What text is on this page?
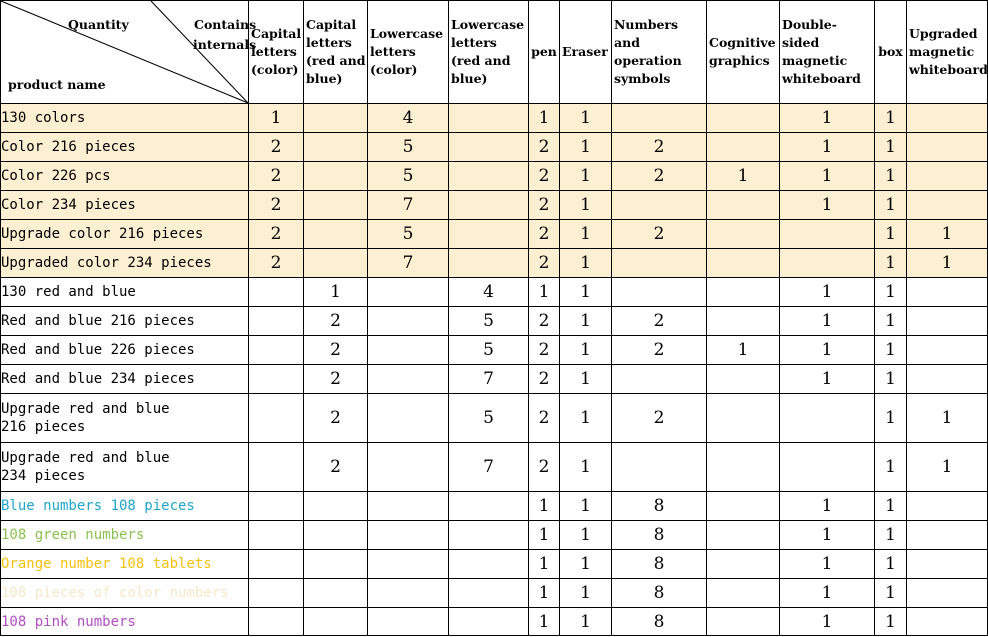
Quantity Contains
internals
product name	Capital letters (color)	Capital letters (red and blue)	Lowercase letters (color)	Lowercase letters (red and blue)	pen	Eraser	Numbers and operation symbols	Cognitive graphics	Double-sided magnetic whiteboard	box	Upgraded magnetic whiteboard
130 colors	1		4		1	1			1	1	
Color 216 pieces	2		5		2	1	2		1	1	
Color 226 pcs	2		5		2	1	2	1	1	1	
Color 234 pieces	2		7		2	1			1	1	
Upgrade color 216 pieces	2		5		2	1	2			1	1
Upgraded color 234 pieces	2		7		2	1				1	1
130 red and blue		1		4	1	1			1	1	
Red and blue 216 pieces		2		5	2	1	2		1	1	
Red and blue 226 pieces		2		5	2	1	2	1	1	1	
Red and blue 234 pieces		2		7	2	1			1	1	
Upgrade red and blue
216 pieces		2		5	2	1	2			1	1
Upgrade red and blue
234 pieces		2		7	2	1				1	1
Blue numbers 108 pieces					1	1	8		1	1	
108 green numbers					1	1	8		1	1	
Orange number 108 tablets					1	1	8		1	1	
108 pieces of color numbers					1	1	8		1	1	
108 pink numbers					1	1	8		1	1	
